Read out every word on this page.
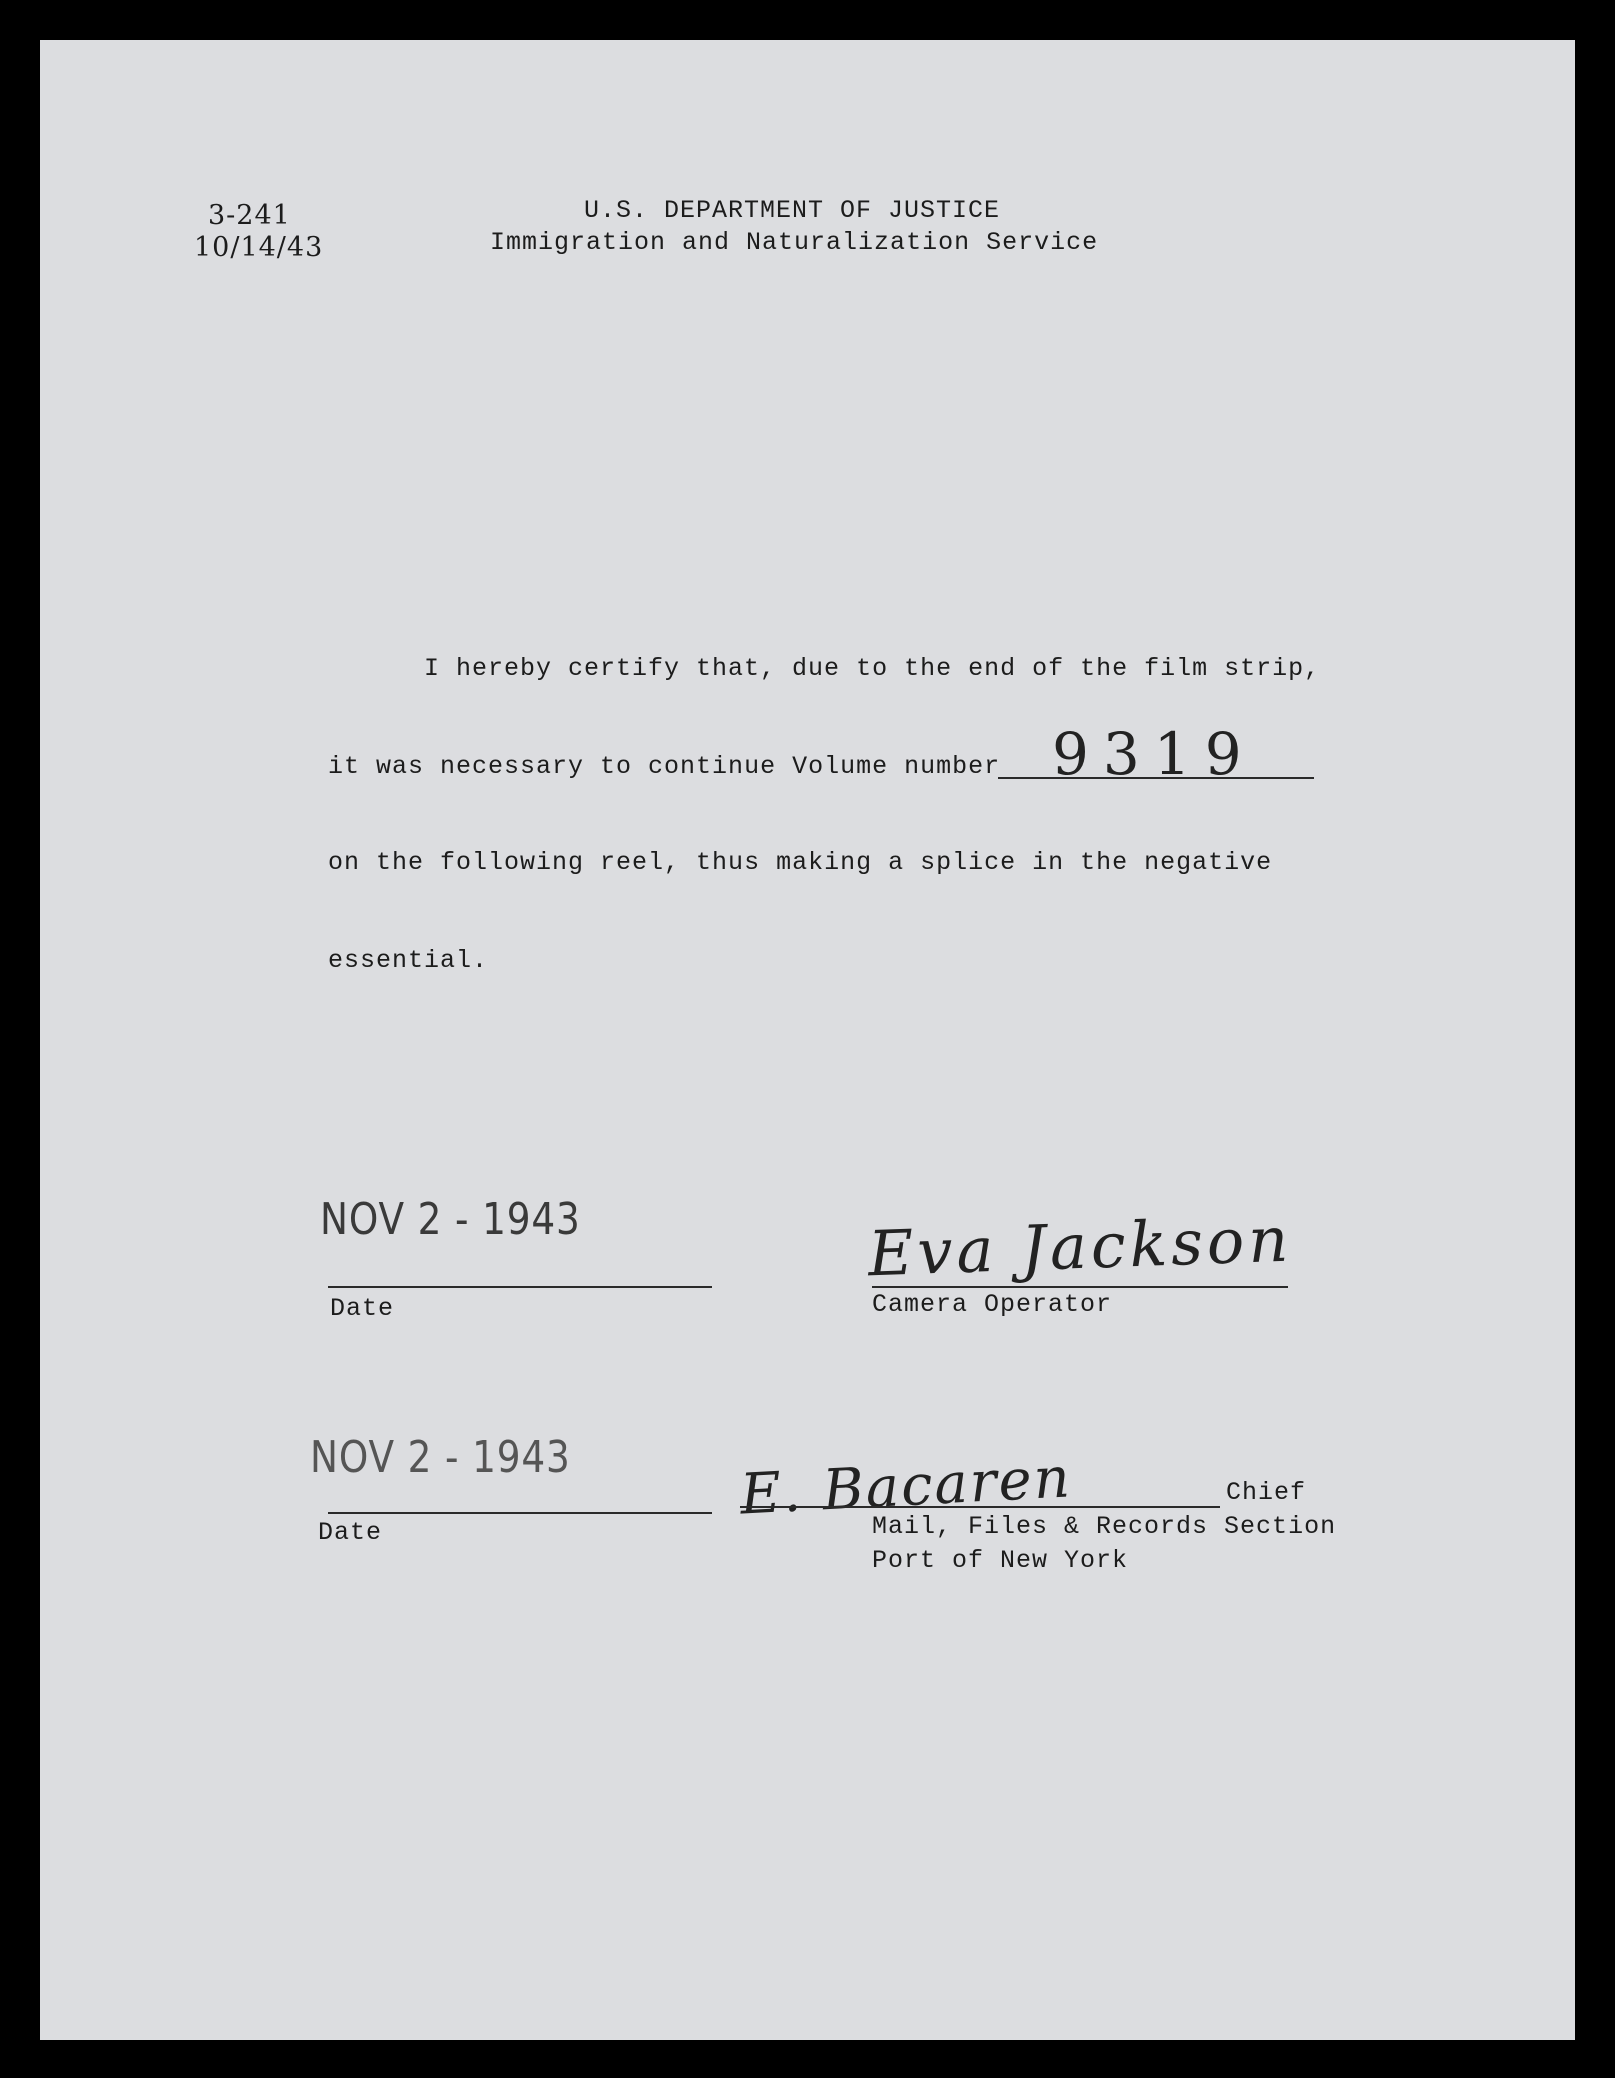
3-241
10/14/43
U.S. DEPARTMENT OF JUSTICE
Immigration and Naturalization Service
I hereby certify that, due to the end of the film strip,
it was necessary to continue Volume number 9319
on the following reel, thus making a splice in the negative
essential.
NOV 2 - 1943
Date
Eva Jackson
Camera Operator
NOV 2 - 1943
Date
E. Bacaren	Chief
Mail, Files & Records Section
Port of New York
